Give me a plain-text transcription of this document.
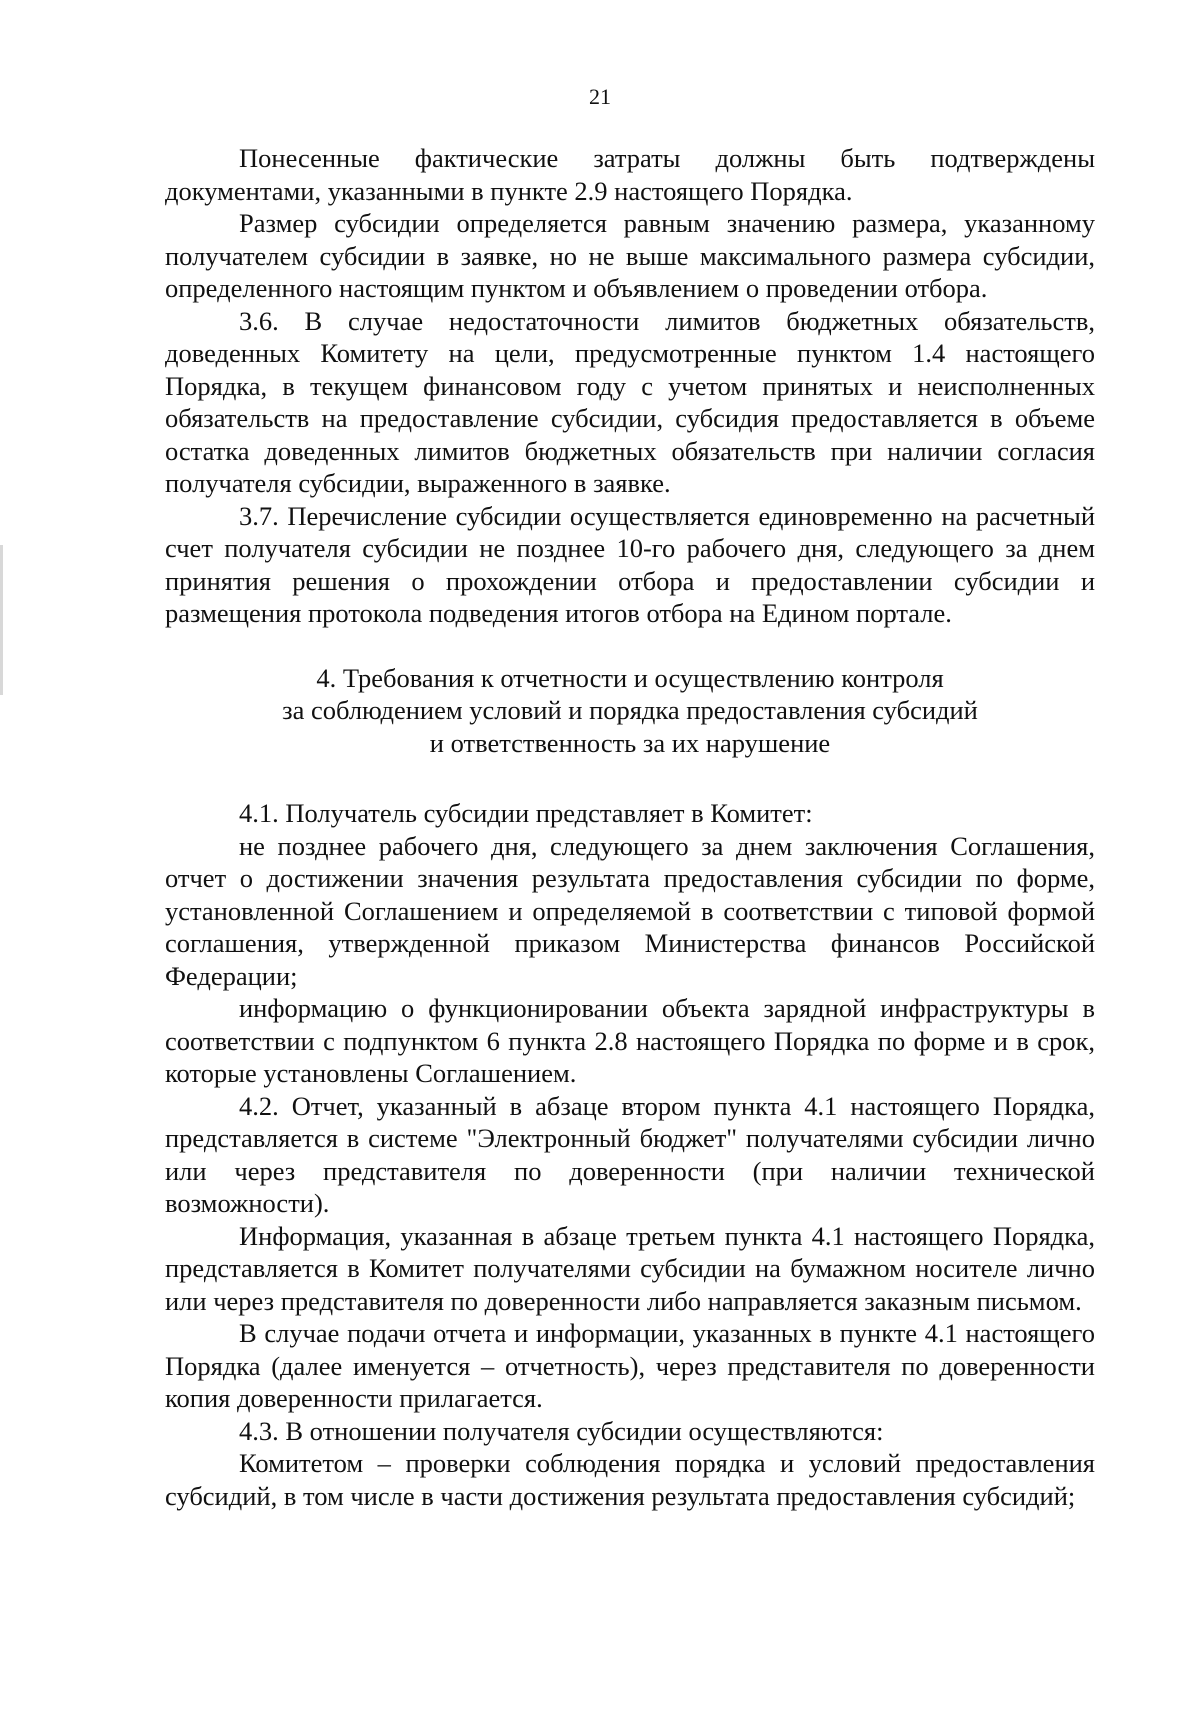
21

Понесенные фактические затраты должны быть подтверждены документами, указанными в пункте 2.9 настоящего Порядка.

Размер субсидии определяется равным значению размера, указанному получателем субсидии в заявке, но не выше максимального размера субсидии, определенного настоящим пунктом и объявлением о проведении отбора.

3.6. В случае недостаточности лимитов бюджетных обязательств, доведенных Комитету на цели, предусмотренные пунктом 1.4 настоящего Порядка, в текущем финансовом году с учетом принятых и неисполненных обязательств на предоставление субсидии, субсидия предоставляется в объеме остатка доведенных лимитов бюджетных обязательств при наличии согласия получателя субсидии, выраженного в заявке.

3.7. Перечисление субсидии осуществляется единовременно на расчетный счет получателя субсидии не позднее 10-го рабочего дня, следующего за днем принятия решения о прохождении отбора и предоставлении субсидии и размещения протокола подведения итогов отбора на Едином портале.

4. Требования к отчетности и осуществлению контроля
за соблюдением условий и порядка предоставления субсидий
и ответственность за их нарушение

4.1. Получатель субсидии представляет в Комитет:

не позднее рабочего дня, следующего за днем заключения Соглашения, отчет о достижении значения результата предоставления субсидии по форме, установленной Соглашением и определяемой в соответствии с типовой формой соглашения, утвержденной приказом Министерства финансов Российской Федерации;

информацию о функционировании объекта зарядной инфраструктуры в соответствии с подпунктом 6 пункта 2.8 настоящего Порядка по форме и в срок, которые установлены Соглашением.

4.2. Отчет, указанный в абзаце втором пункта 4.1 настоящего Порядка, представляется в системе "Электронный бюджет" получателями субсидии лично или через представителя по доверенности (при наличии технической возможности).

Информация, указанная в абзаце третьем пункта 4.1 настоящего Порядка, представляется в Комитет получателями субсидии на бумажном носителе лично или через представителя по доверенности либо направляется заказным письмом.

В случае подачи отчета и информации, указанных в пункте 4.1 настоящего Порядка (далее именуется – отчетность), через представителя по доверенности копия доверенности прилагается.

4.3. В отношении получателя субсидии осуществляются:

Комитетом – проверки соблюдения порядка и условий предоставления субсидий, в том числе в части достижения результата предоставления субсидий;
